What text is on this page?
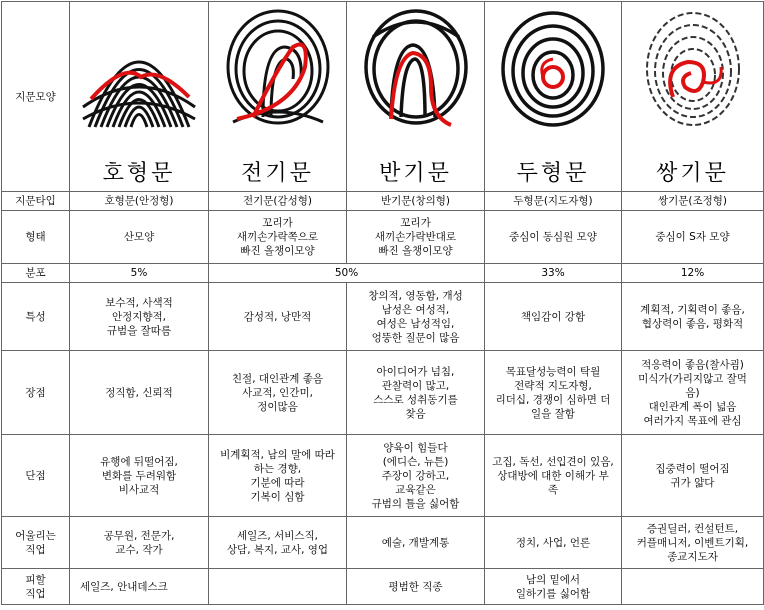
지문모양	호형문	전기문	반기문	두형문	쌍기문

지문타입	호형문(안정형)	전기문(감성형)	반기문(창의형)	두형문(지도자형)	쌍기문(조정형)
형태	산모양	꼬리가
새끼손가락쪽으로
빠진 올챙이모양	꼬리가
새끼손가락반대로
빠진 올챙이모양	중심이 동심원 모양	중심이 S자 모양
분포	5%	50%		33%	12%
특성	보수적, 사색적
안정지향적,
규범을 잘따름	감성적, 낭만적	창의적, 영동함, 개성
남성은 여성적,
여성은 남성적임,
엉뚱한 질문이 많음	책임감이 강함	계획적, 기획력이 좋음,
협상력이 좋음, 평화적
장점	정직함, 신뢰적	친절, 대인관계 좋음
사교적, 인간미,
정이많음	아이디어가 넘침,
관찰력이 많고,
스스로 성취동기를
찾음	목표달성능력이 탁월
전략적 지도자형,
리더십, 경쟁이 심하면 더
일을 잘함	적응력이 좋음(찰사굄)
미식가(가리지않고 잘먹
음)
대인관계 폭이 넓음
여러가지 목표에 관심
단점	유행에 뒤떨어짐,
변화를 두려워함
비사교적	비계획적, 남의 말에 따라
하는 경향,
기분에 따라
기복이 심함	양육이 힘들다
(에디슨, 뉴튼)
주장이 강하고,
교육같은
규범의 틀을 싫어함	고집, 독선, 선입견이 있음,
상대방에 대한 이해가 부
족	집중력이 떨어짐
귀가 얇다
어울리는
직업	공무원, 전문가,
교수, 작가	세일즈, 서비스직,
상담, 복지, 교사, 영업	예술, 개발계통	정치, 사업, 언론	증권딜러, 컨설턴트,
커플매니저, 이벤트기획,
종교지도자
피할
직업	세일즈, 안내데스크		평범한 직종	남의 밑에서
일하기를 싫어함	
